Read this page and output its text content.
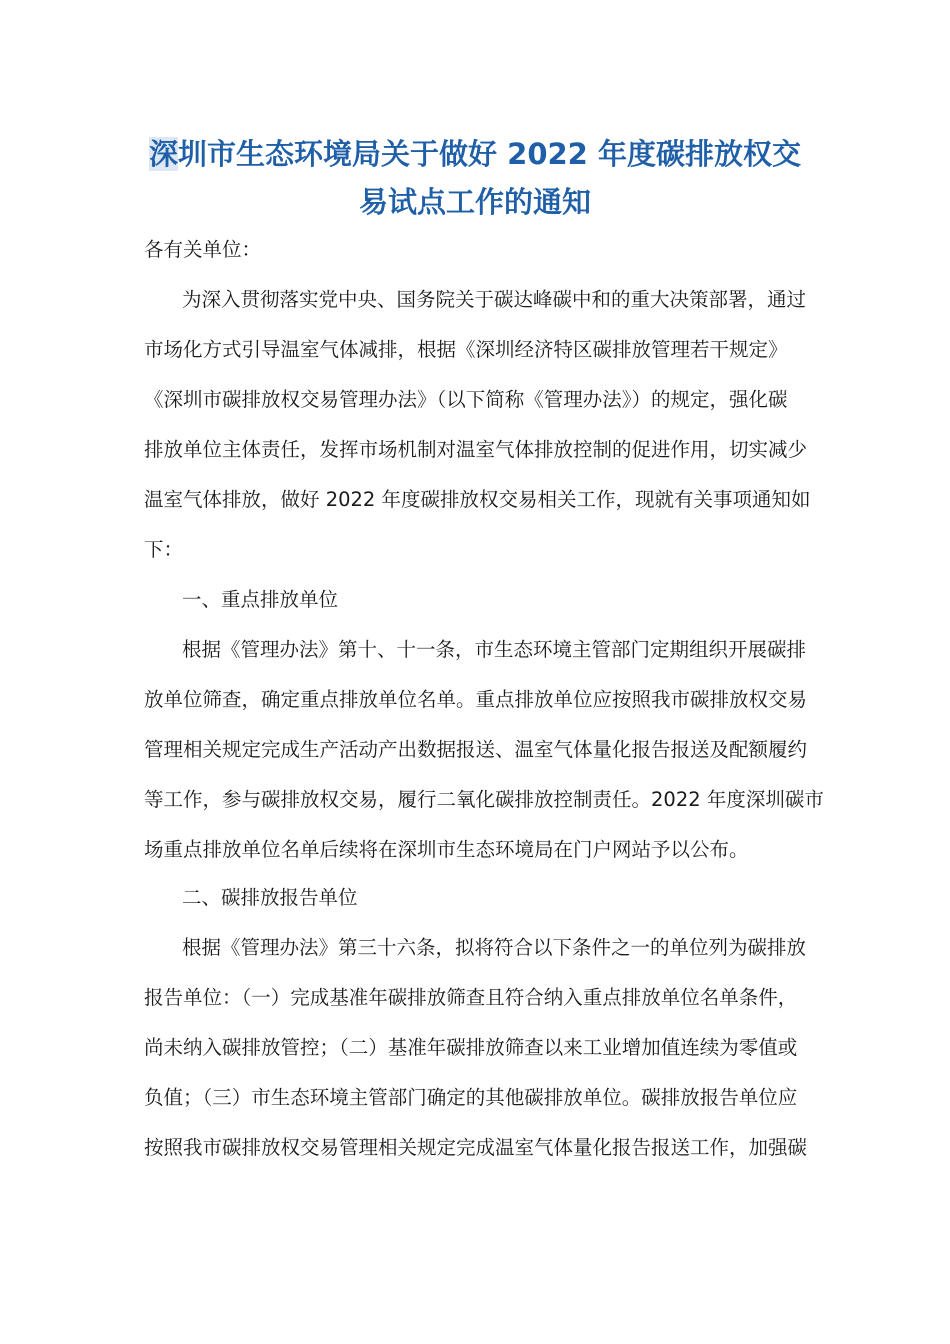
深圳市生态环境局关于做好 2022 年度碳排放权交
易试点工作的通知
各有关单位：
为深入贯彻落实党中央、国务院关于碳达峰碳中和的重大决策部署，通过
市场化方式引导温室气体减排，根据《深圳经济特区碳排放管理若干规定》
《深圳市碳排放权交易管理办法》（以下简称《管理办法》）的规定，强化碳
排放单位主体责任，发挥市场机制对温室气体排放控制的促进作用，切实减少
温室气体排放，做好 2022 年度碳排放权交易相关工作，现就有关事项通知如
下：
一、重点排放单位
根据《管理办法》第十、十一条，市生态环境主管部门定期组织开展碳排
放单位筛查，确定重点排放单位名单。重点排放单位应按照我市碳排放权交易
管理相关规定完成生产活动产出数据报送、温室气体量化报告报送及配额履约
等工作，参与碳排放权交易，履行二氧化碳排放控制责任。2022 年度深圳碳市
场重点排放单位名单后续将在深圳市生态环境局在门户网站予以公布。
二、碳排放报告单位
根据《管理办法》第三十六条，拟将符合以下条件之一的单位列为碳排放
报告单位：（一）完成基准年碳排放筛查且符合纳入重点排放单位名单条件，
尚未纳入碳排放管控；（二）基准年碳排放筛查以来工业增加值连续为零值或
负值；（三）市生态环境主管部门确定的其他碳排放单位。碳排放报告单位应
按照我市碳排放权交易管理相关规定完成温室气体量化报告报送工作，加强碳
